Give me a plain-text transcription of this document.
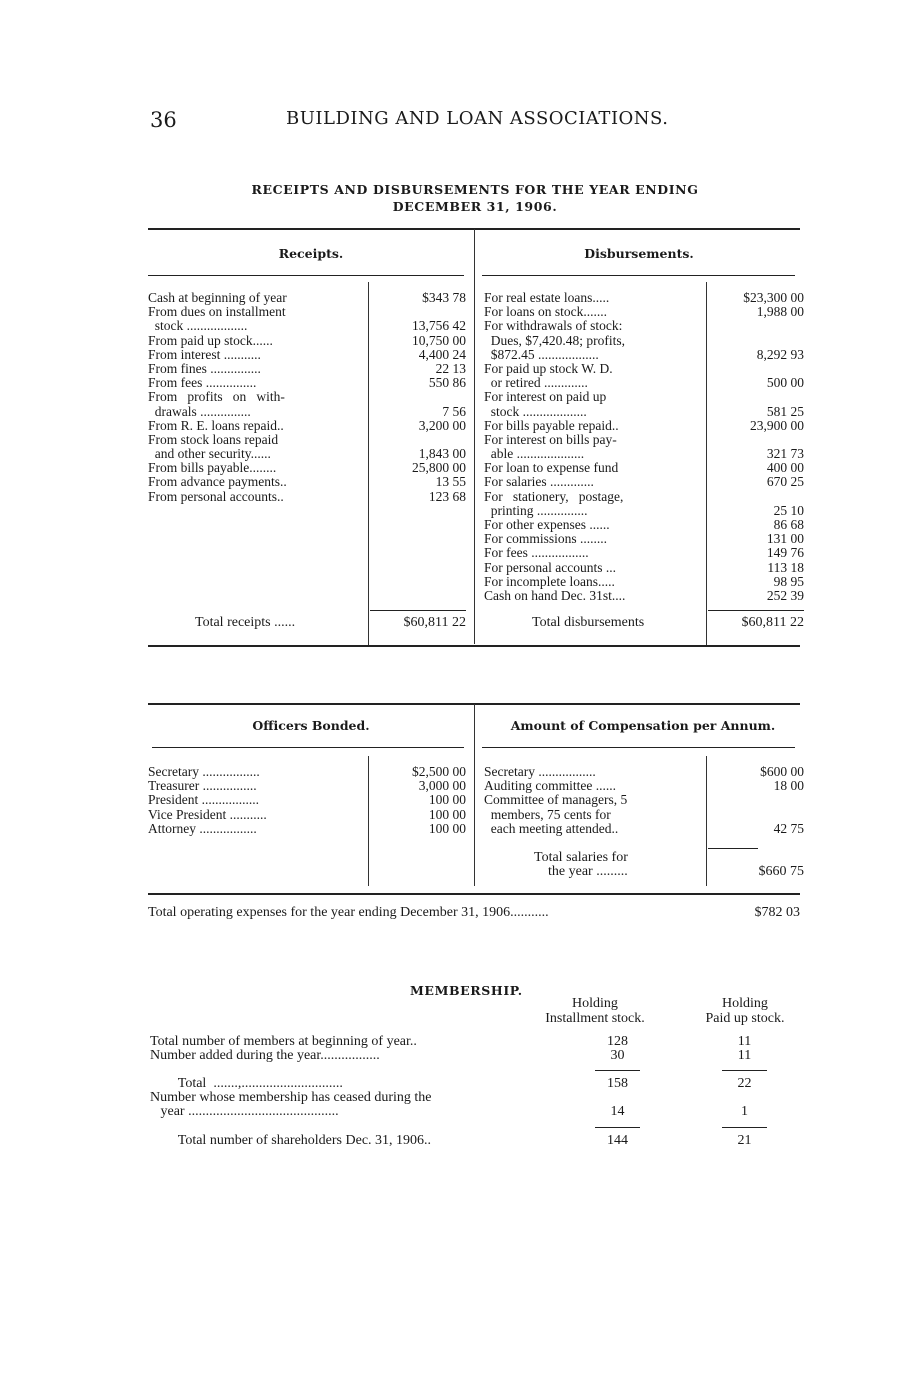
36	BUILDING AND LOAN ASSOCIATIONS.
RECEIPTS AND DISBURSEMENTS FOR THE YEAR ENDING
DECEMBER 31, 1906.
Receipts.	Disbursements.
Cash at beginning of year	$343 78
From dues on installment
stock ..................	13,756 42
From paid up stock......	10,750 00
From interest ...........	4,400 24
From fines ...............	22 13
From fees ...............	550 86
From   profits   on   with-
drawals ...............	7 56
From R. E. loans repaid..	3,200 00
From stock loans repaid
and other security......	1,843 00
From bills payable........	25,800 00
From advance payments..	13 55
From personal accounts..	123 68
Total receipts ......	$60,811 22
For real estate loans.....	$23,300 00
For loans on stock.......	1,988 00
For withdrawals of stock:
Dues, $7,420.48; profits,
$872.45 ..................	8,292 93
For paid up stock W. D.
or retired .............	500 00
For interest on paid up
stock ...................	581 25
For bills payable repaid..	23,900 00
For interest on bills pay-
able ....................	321 73
For loan to expense fund	400 00
For salaries .............	670 25
For   stationery,   postage,
printing ...............	25 10
For other expenses ......	86 68
For commissions ........	131 00
For fees .................	149 76
For personal accounts ...	113 18
For incomplete loans.....	98 95
Cash on hand Dec. 31st....	252 39
Total disbursements	$60,811 22
Officers Bonded.	Amount of Compensation per Annum.
Secretary .................	$2,500 00
Treasurer ................	3,000 00
President .................	100 00
Vice President ...........	100 00
Attorney .................	100 00
Secretary .................	$600 00
Auditing committee ......	18 00
Committee of managers, 5
members, 75 cents for
each meeting attended..	42 75
Total salaries for
the year .........	$660 75
Total operating expenses for the year ending December 31, 1906...........	$782 03
MEMBERSHIP.
Holding
Installment stock.
Holding
Paid up stock.
Total number of members at beginning of year..	128	11
Number added during the year.................	30	11
Total  .......,.............................	158	22
Number whose membership has ceased during the
year ...........................................	14	1
Total number of shareholders Dec. 31, 1906..	144	21
